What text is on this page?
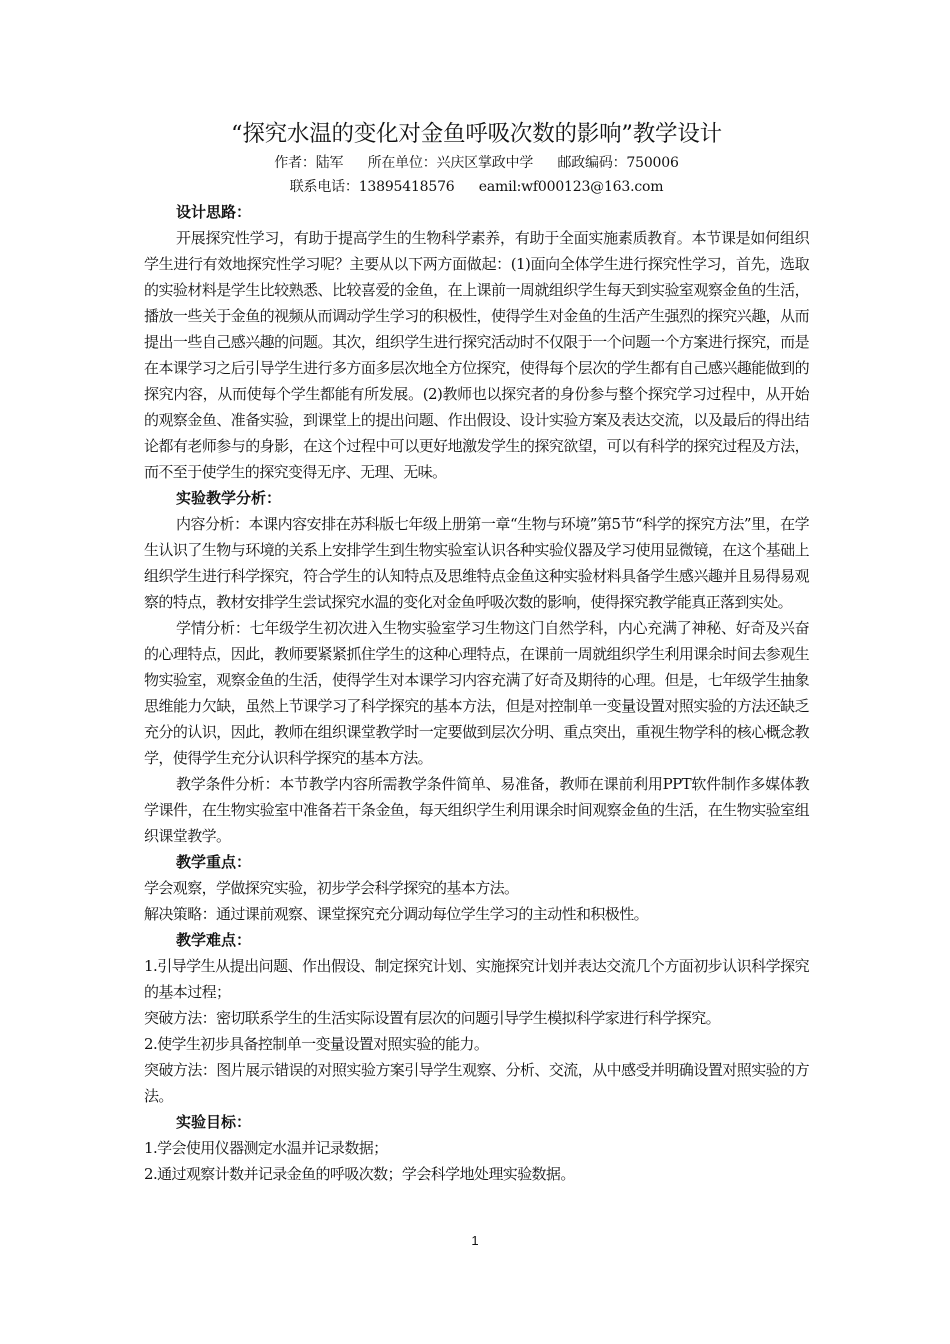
“探究水温的变化对金鱼呼吸次数的影响”教学设计
作者：陆军 所在单位：兴庆区掌政中学 邮政编码：750006
联系电话：13895418576 eamil:wf000123@163.com
设计思路：

开展探究性学习，有助于提高学生的生物科学素养，有助于全面实施素质教育。本节课是如何组织学生进行有效地探究性学习呢？主要从以下两方面做起：(1)面向全体学生进行探究性学习，首先，选取的实验材料是学生比较熟悉、比较喜爱的金鱼，在上课前一周就组织学生每天到实验室观察金鱼的生活，播放一些关于金鱼的视频从而调动学生学习的积极性，使得学生对金鱼的生活产生强烈的探究兴趣，从而提出一些自己感兴趣的问题。其次，组织学生进行探究活动时不仅限于一个问题一个方案进行探究，而是在本课学习之后引导学生进行多方面多层次地全方位探究，使得每个层次的学生都有自己感兴趣能做到的探究内容，从而使每个学生都能有所发展。(2)教师也以探究者的身份参与整个探究学习过程中，从开始的观察金鱼、准备实验，到课堂上的提出问题、作出假设、设计实验方案及表达交流，以及最后的得出结论都有老师参与的身影，在这个过程中可以更好地激发学生的探究欲望，可以有科学的探究过程及方法，而不至于使学生的探究变得无序、无理、无味。

实验教学分析：

内容分析：本课内容安排在苏科版七年级上册第一章“生物与环境”第5节“科学的探究方法”里，在学生认识了生物与环境的关系上安排学生到生物实验室认识各种实验仪器及学习使用显微镜，在这个基础上组织学生进行科学探究，符合学生的认知特点及思维特点金鱼这种实验材料具备学生感兴趣并且易得易观察的特点，教材安排学生尝试探究水温的变化对金鱼呼吸次数的影响，使得探究教学能真正落到实处。

学情分析：七年级学生初次进入生物实验室学习生物这门自然学科，内心充满了神秘、好奇及兴奋的心理特点，因此，教师要紧紧抓住学生的这种心理特点，在课前一周就组织学生利用课余时间去参观生物实验室，观察金鱼的生活，使得学生对本课学习内容充满了好奇及期待的心理。但是，七年级学生抽象思维能力欠缺，虽然上节课学习了科学探究的基本方法，但是对控制单一变量设置对照实验的方法还缺乏充分的认识，因此，教师在组织课堂教学时一定要做到层次分明、重点突出，重视生物学科的核心概念教学，使得学生充分认识科学探究的基本方法。

教学条件分析：本节教学内容所需教学条件简单、易准备，教师在课前利用PPT软件制作多媒体教学课件，在生物实验室中准备若干条金鱼，每天组织学生利用课余时间观察金鱼的生活，在生物实验室组织课堂教学。

教学重点：

学会观察，学做探究实验，初步学会科学探究的基本方法。

解决策略：通过课前观察、课堂探究充分调动每位学生学习的主动性和积极性。

教学难点：

1.引导学生从提出问题、作出假设、制定探究计划、实施探究计划并表达交流几个方面初步认识科学探究的基本过程；

突破方法：密切联系学生的生活实际设置有层次的问题引导学生模拟科学家进行科学探究。

2.使学生初步具备控制单一变量设置对照实验的能力。

突破方法：图片展示错误的对照实验方案引导学生观察、分析、交流，从中感受并明确设置对照实验的方法。

实验目标：

1.学会使用仪器测定水温并记录数据；

2.通过观察计数并记录金鱼的呼吸次数；学会科学地处理实验数据。

1
